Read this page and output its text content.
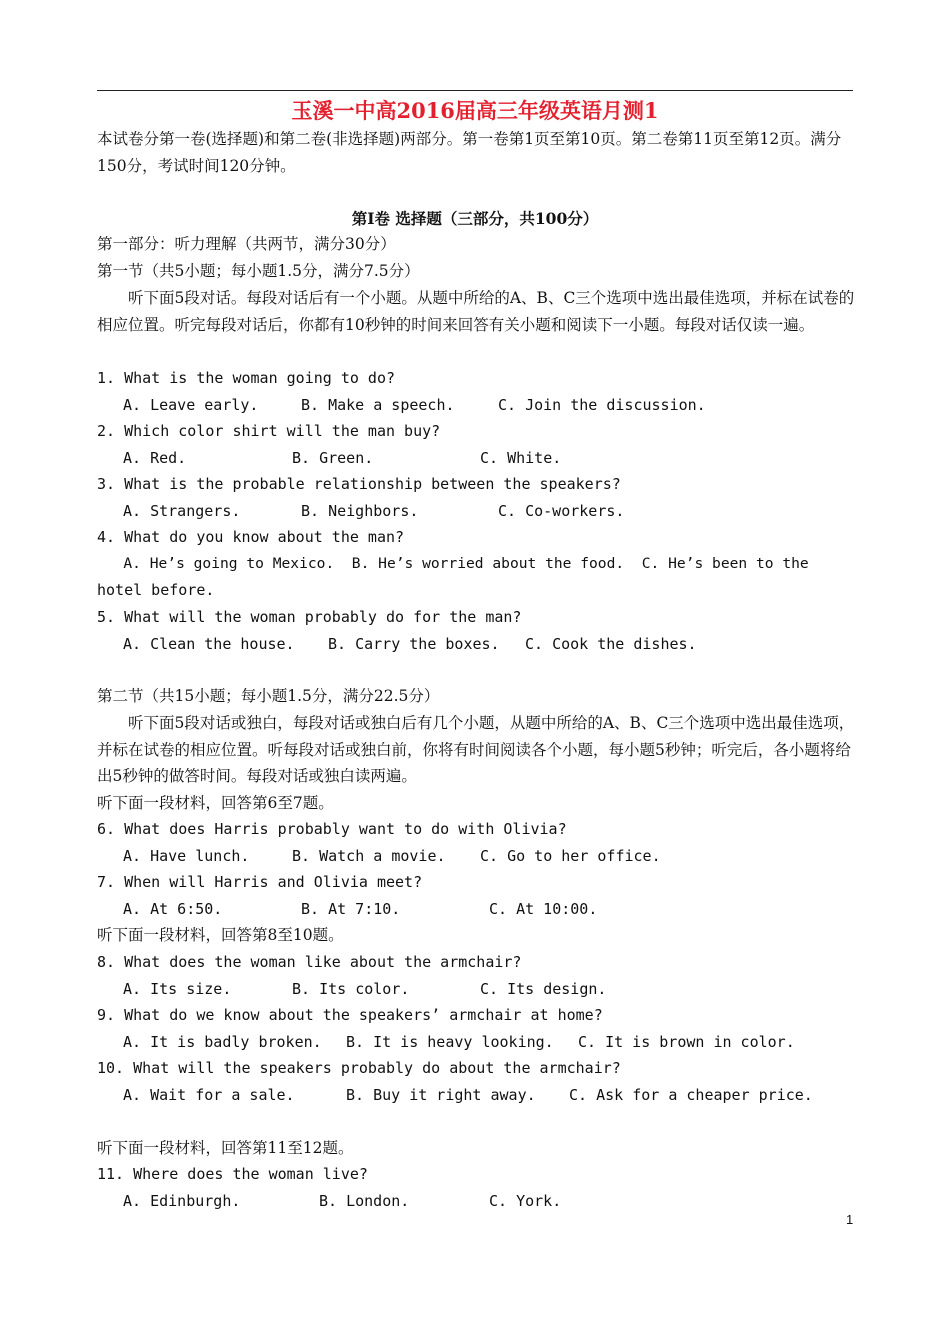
玉溪一中高2016届高三年级英语月测1
本试卷分第一卷(选择题)和第二卷(非选择题)两部分。第一卷第1页至第10页。第二卷第11页至第12页。满分150分，考试时间120分钟。
第Ⅰ卷 选择题（三部分，共100分）
第一部分：听力理解（共两节，满分30分）
第一节（共5小题；每小题1.5分，满分7.5分）
　　听下面5段对话。每段对话后有一个小题。从题中所给的A、B、C三个选项中选出最佳选项，并标在试卷的相应位置。听完每段对话后，你都有10秒钟的时间来回答有关小题和阅读下一小题。每段对话仅读一遍。
1. What is the woman going to do?
A. Leave early.	B. Make a speech.	C. Join the discussion.
2. Which color shirt will the man buy?
A. Red.	B. Green.	C. White.
3. What is the probable relationship between the speakers?
A. Strangers.	B. Neighbors.	C. Co-workers.
4. What do you know about the man?
A. He’s going to Mexico.  B. He’s worried about the food.  C. He’s been to the
hotel before.
5. What will the woman probably do for the man?
A. Clean the house. B. Carry the boxes. C. Cook the dishes.
第二节（共15小题；每小题1.5分，满分22.5分）
　　听下面5段对话或独白，每段对话或独白后有几个小题，从题中所给的A、B、C三个选项中选出最佳选项，并标在试卷的相应位置。听每段对话或独白前，你将有时间阅读各个小题，每小题5秒钟；听完后，各小题将给出5秒钟的做答时间。每段对话或独白读两遍。
听下面一段材料，回答第6至7题。
6. What does Harris probably want to do with Olivia?
A. Have lunch.	B. Watch a movie. C. Go to her office.
7. When will Harris and Olivia meet?
A. At 6:50.	B. At 7:10.	C. At 10:00.
听下面一段材料，回答第8至10题。
8. What does the woman like about the armchair?
A. Its size.	B. Its color.	C. Its design.
9. What do we know about the speakers’ armchair at home?
A. It is badly broken. B. It is heavy looking. C. It is brown in color.
10. What will the speakers probably do about the armchair?
A. Wait for a sale.	B. Buy it right away. C. Ask for a cheaper price.
听下面一段材料，回答第11至12题。
11. Where does the woman live?
A. Edinburgh.	B. London.	C. York.
1
